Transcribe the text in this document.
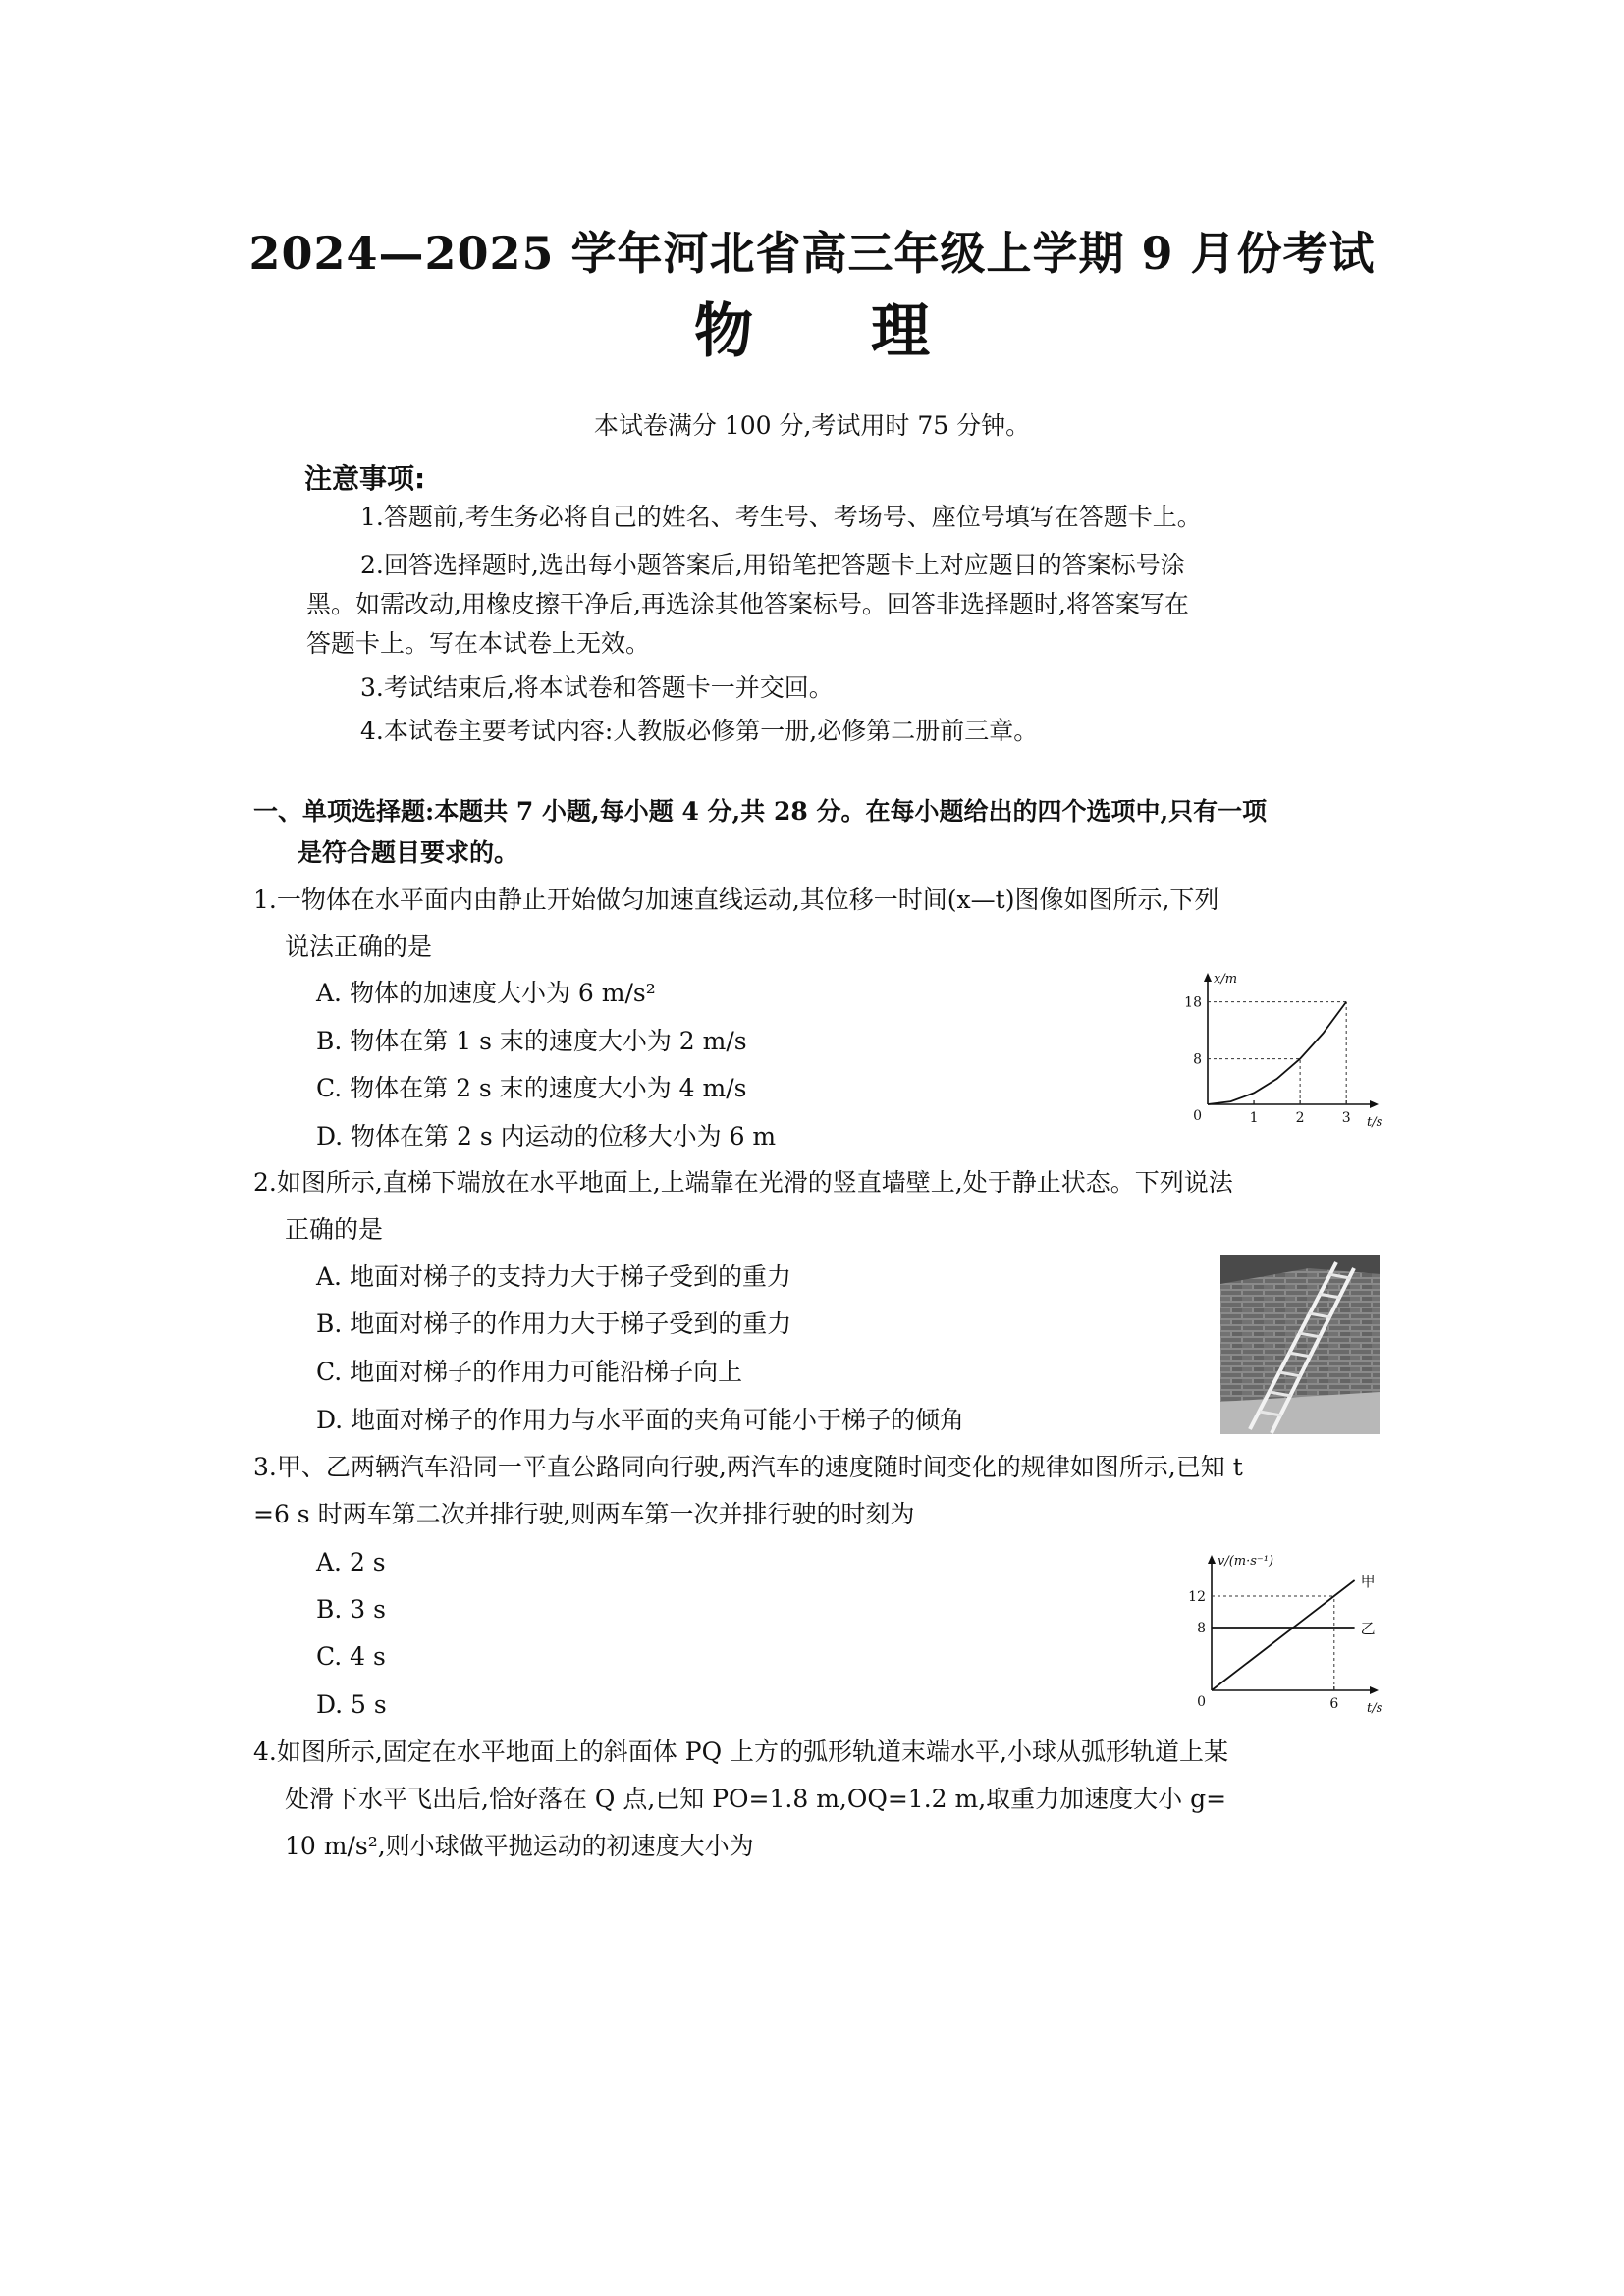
2024—2025 学年河北省高三年级上学期 9 月份考试
物理
本试卷满分 100 分,考试用时 75 分钟。
注意事项:
1.答题前,考生务必将自己的姓名、考生号、考场号、座位号填写在答题卡上。
2.回答选择题时,选出每小题答案后,用铅笔把答题卡上对应题目的答案标号涂
黑。如需改动,用橡皮擦干净后,再选涂其他答案标号。回答非选择题时,将答案写在
答题卡上。写在本试卷上无效。
3.考试结束后,将本试卷和答题卡一并交回。
4.本试卷主要考试内容:人教版必修第一册,必修第二册前三章。
一、单项选择题:本题共 7 小题,每小题 4 分,共 28 分。在每小题给出的四个选项中,只有一项
是符合题目要求的。
1.一物体在水平面内由静止开始做匀加速直线运动,其位移一时间(x—t)图像如图所示,下列
说法正确的是
A. 物体的加速度大小为 6 m/s²
B. 物体在第 1 s 末的速度大小为 2 m/s
C. 物体在第 2 s 末的速度大小为 4 m/s
D. 物体在第 2 s 内运动的位移大小为 6 m
x/m
t/s
8
18
0	1	2	3
2.如图所示,直梯下端放在水平地面上,上端靠在光滑的竖直墙壁上,处于静止状态。下列说法
正确的是
A. 地面对梯子的支持力大于梯子受到的重力
B. 地面对梯子的作用力大于梯子受到的重力
C. 地面对梯子的作用力可能沿梯子向上
D. 地面对梯子的作用力与水平面的夹角可能小于梯子的倾角
3.甲、乙两辆汽车沿同一平直公路同向行驶,两汽车的速度随时间变化的规律如图所示,已知 t
=6 s 时两车第二次并排行驶,则两车第一次并排行驶的时刻为
A. 2 s
B. 3 s
C. 4 s
D. 5 s
v/(m·s⁻¹)
t/s
8
12
0	6
甲
乙
4.如图所示,固定在水平地面上的斜面体 PQ 上方的弧形轨道末端水平,小球从弧形轨道上某
处滑下水平飞出后,恰好落在 Q 点,已知 PO=1.8 m,OQ=1.2 m,取重力加速度大小 g=
10 m/s²,则小球做平抛运动的初速度大小为
